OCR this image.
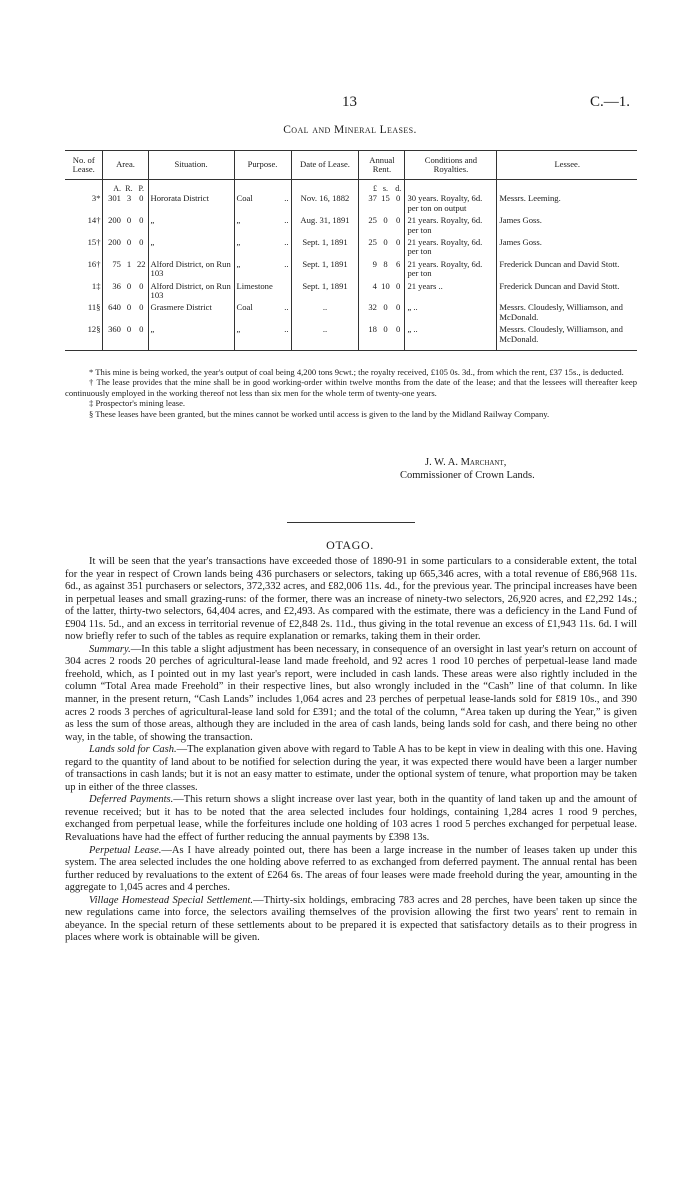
13	C.—1.
Coal and Mineral Leases.
No. of Lease.	Area.			Situation.	Purpose.	Date of Lease.	Annual Rent.			Conditions and Royalties.	Lessee.
	A.	R.	P.				£	s.	d.		
3*	301	3	0	Hororata District	Coal ..	Nov. 16, 1882	37	15	0	30 years. Royalty, 6d. per ton on output	Messrs. Leeming.
14†	200	0	0	„	„ ..	Aug. 31, 1891	25	0	0	21 years. Royalty, 6d. per ton	James Goss.
15†	200	0	0	„	„ ..	Sept. 1, 1891	25	0	0	21 years. Royalty, 6d. per ton	James Goss.
16†	75	1	22	Alford District, on Run 103	„ ..	Sept. 1, 1891	9	8	6	21 years. Royalty, 6d. per ton	Frederick Duncan and David Stott.
1‡	36	0	0	Alford District, on Run 103	Limestone	Sept. 1, 1891	4	10	0	21 years ..	Frederick Duncan and David Stott.
11§	640	0	0	Grasmere District	Coal ..	..	32	0	0	„ ..	Messrs. Cloudesly, Williamson, and McDonald.
12§	360	0	0	„	„ ..	..	18	0	0	„ ..	Messrs. Cloudesly, Williamson, and McDonald.

* This mine is being worked, the year's output of coal being 4,200 tons 9cwt.; the royalty received, £105 0s. 3d., from which the rent, £37 15s., is deducted.

† The lease provides that the mine shall be in good working-order within twelve months from the date of the lease; and that the lessees will thereafter keep continuously employed in the working thereof not less than six men for the whole term of twenty-one years.

‡ Prospector's mining lease.

§ These leases have been granted, but the mines cannot be worked until access is given to the land by the Midland Railway Company.

J. W. A. Marchant,
Commissioner of Crown Lands.
OTAGO.

It will be seen that the year's transactions have exceeded those of 1890-91 in some particulars to a considerable extent, the total for the year in respect of Crown lands being 436 purchasers or selectors, taking up 665,346 acres, with a total revenue of £86,968 11s. 6d., as against 351 purchasers or selectors, 372,332 acres, and £82,006 11s. 4d., for the previous year. The principal increases have been in perpetual leases and small grazing-runs: of the former, there was an increase of ninety-two selectors, 26,920 acres, and £2,292 14s.; of the latter, thirty-two selectors, 64,404 acres, and £2,493. As compared with the estimate, there was a deficiency in the Land Fund of £904 11s. 5d., and an excess in territorial revenue of £2,848 2s. 11d., thus giving in the total revenue an excess of £1,943 11s. 6d. I will now briefly refer to such of the tables as require explanation or remarks, taking them in their order.

Summary.—In this table a slight adjustment has been necessary, in consequence of an oversight in last year's return on account of 304 acres 2 roods 20 perches of agricultural-lease land made freehold, and 92 acres 1 rood 10 perches of perpetual-lease land made freehold, which, as I pointed out in my last year's report, were included in cash lands. These areas were also rightly included in the column “Total Area made Freehold” in their respective lines, but also wrongly included in the “Cash” line of that column. In like manner, in the present return, “Cash Lands” includes 1,064 acres and 23 perches of perpetual lease-lands sold for £819 10s., and 390 acres 2 roods 3 perches of agricultural-lease land sold for £391; and the total of the column, “Area taken up during the Year,” is given as less the sum of those areas, although they are included in the area of cash lands, being lands sold for cash, and there being no other way, in the table, of showing the transaction.

Lands sold for Cash.—The explanation given above with regard to Table A has to be kept in view in dealing with this one. Having regard to the quantity of land about to be notified for selection during the year, it was expected there would have been a larger number of transactions in cash lands; but it is not an easy matter to estimate, under the optional system of tenure, what proportion may be taken up in either of the three classes.

Deferred Payments.—This return shows a slight increase over last year, both in the quantity of land taken up and the amount of revenue received; but it has to be noted that the area selected includes four holdings, containing 1,284 acres 1 rood 9 perches, exchanged from perpetual lease, while the forfeitures include one holding of 103 acres 1 rood 5 perches exchanged for perpetual lease. Revaluations have had the effect of further reducing the annual payments by £398 13s.

Perpetual Lease.—As I have already pointed out, there has been a large increase in the number of leases taken up under this system. The area selected includes the one holding above referred to as exchanged from deferred payment. The annual rental has been further reduced by revaluations to the extent of £264 6s. The areas of four leases were made freehold during the year, amounting in the aggregate to 1,045 acres and 4 perches.

Village Homestead Special Settlement.—Thirty-six holdings, embracing 783 acres and 28 perches, have been taken up since the new regulations came into force, the selectors availing themselves of the provision allowing the first two years' rent to remain in abeyance. In the special return of these settlements about to be prepared it is expected that satisfactory details as to their progress in places where work is obtainable will be given.
